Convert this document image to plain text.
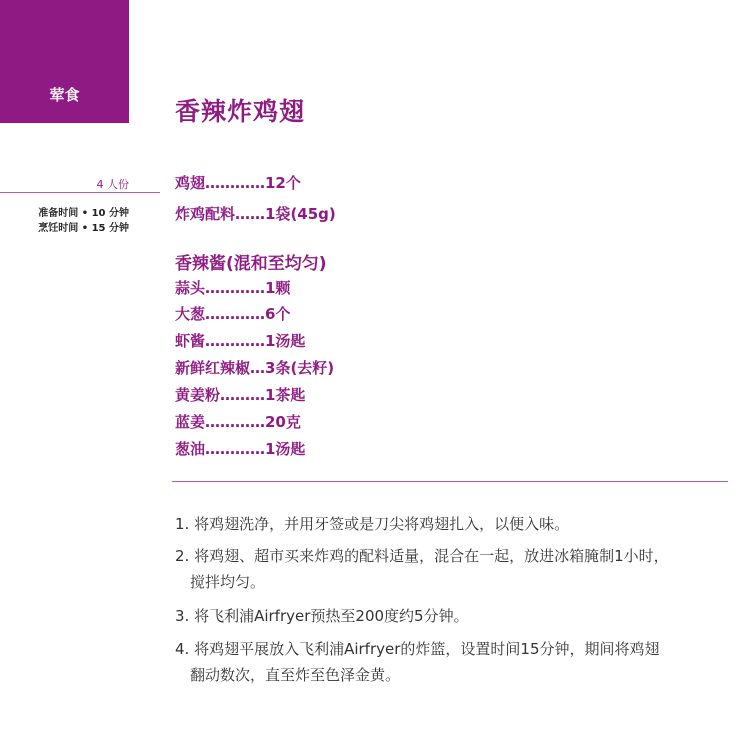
荤食
香辣炸鸡翅
4 人份
准备时间 • 10 分钟
烹饪时间 • 15 分钟
鸡翅…………12个
炸鸡配料……1袋(45g)
香辣酱(混和至均匀)
蒜头…………1颗
大葱…………6个
虾酱…………1汤匙
新鲜红辣椒…3条(去籽)
黄姜粉………1茶匙
蓝姜…………20克
葱油…………1汤匙
1. 将鸡翅洗净，并用牙签或是刀尖将鸡翅扎入，以便入味。
2. 将鸡翅、超市买来炸鸡的配料适量，混合在一起，放进冰箱腌制1小时，
搅拌均匀。
3. 将飞利浦Airfryer预热至200度约5分钟。
4. 将鸡翅平展放入飞利浦Airfryer的炸篮，设置时间15分钟，期间将鸡翅
翻动数次，直至炸至色泽金黄。
